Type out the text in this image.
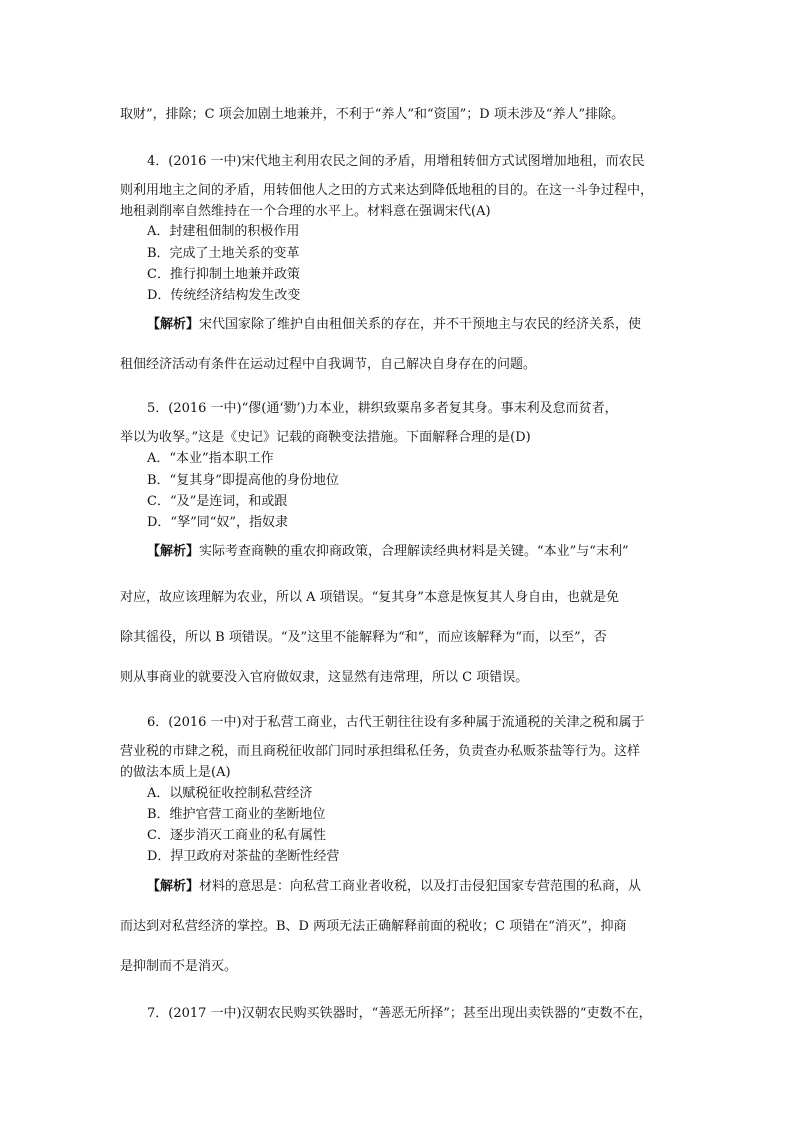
取财”，排除；C 项会加剧土地兼并，不利于“养人”和“资国”；D 项未涉及“养人”排除。
4．(2016 一中)宋代地主利用农民之间的矛盾，用增租转佃方式试图增加地租，而农民
则利用地主之间的矛盾，用转佃他人之田的方式来达到降低地租的目的。在这一斗争过程中，
地租剥削率自然维持在一个合理的水平上。材料意在强调宋代(A)
A．封建租佃制的积极作用
B．完成了土地关系的变革
C．推行抑制土地兼并政策
D．传统经济结构发生改变
【解析】宋代国家除了维护自由租佃关系的存在，并不干预地主与农民的经济关系，使
租佃经济活动有条件在运动过程中自我调节，自己解决自身存在的问题。
5．(2016 一中)“僇(通‘勠’)力本业，耕织致粟帛多者复其身。事末利及怠而贫者，
举以为收孥。”这是《史记》记载的商鞅变法措施。下面解释合理的是(D)
A．“本业”指本职工作
B．“复其身”即提高他的身份地位
C．“及”是连词，和或跟
D．“孥”同“奴”，指奴隶
【解析】实际考查商鞅的重农抑商政策，合理解读经典材料是关键。“本业”与“末利”
对应，故应该理解为农业，所以 A 项错误。“复其身”本意是恢复其人身自由，也就是免
除其徭役，所以 B 项错误。“及”这里不能解释为“和”，而应该解释为“而，以至”，否
则从事商业的就要没入官府做奴隶，这显然有违常理，所以 C 项错误。
6．(2016 一中)对于私营工商业，古代王朝往往设有多种属于流通税的关津之税和属于
营业税的市肆之税，而且商税征收部门同时承担缉私任务，负责查办私贩茶盐等行为。这样
的做法本质上是(A)
A．以赋税征收控制私营经济
B．维护官营工商业的垄断地位
C．逐步消灭工商业的私有属性
D．捍卫政府对茶盐的垄断性经营
【解析】材料的意思是：向私营工商业者收税，以及打击侵犯国家专营范围的私商，从
而达到对私营经济的掌控。B、D 两项无法正确解释前面的税收；C 项错在“消灭”，抑商
是抑制而不是消灭。
7．(2017 一中)汉朝农民购买铁器时，“善恶无所择”；甚至出现出卖铁器的“吏数不在，
